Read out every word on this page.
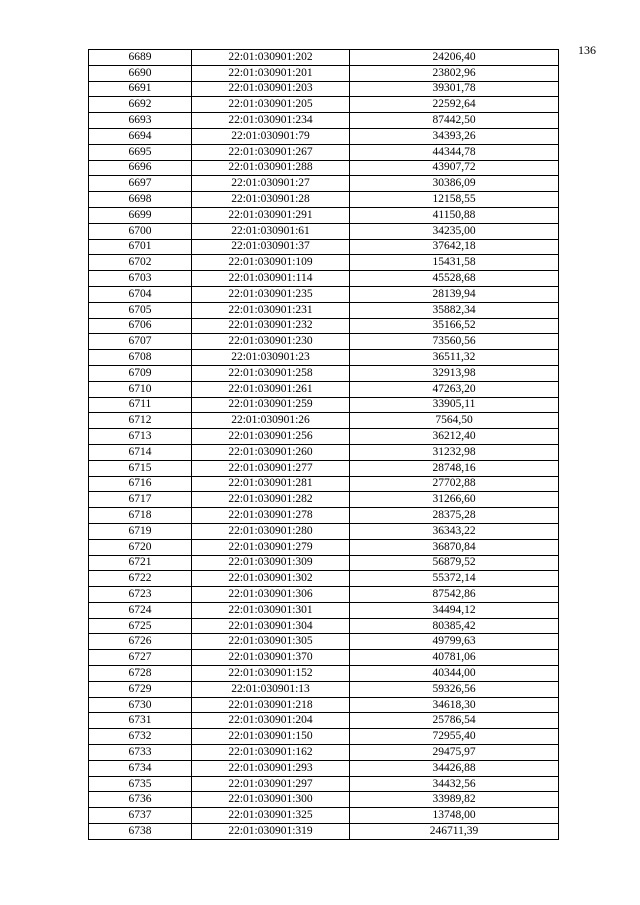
136
6689	22:01:030901:202	24206,40
6690	22:01:030901:201	23802,96
6691	22:01:030901:203	39301,78
6692	22:01:030901:205	22592,64
6693	22:01:030901:234	87442,50
6694	22:01:030901:79	34393,26
6695	22:01:030901:267	44344,78
6696	22:01:030901:288	43907,72
6697	22:01:030901:27	30386,09
6698	22:01:030901:28	12158,55
6699	22:01:030901:291	41150,88
6700	22:01:030901:61	34235,00
6701	22:01:030901:37	37642,18
6702	22:01:030901:109	15431,58
6703	22:01:030901:114	45528,68
6704	22:01:030901:235	28139,94
6705	22:01:030901:231	35882,34
6706	22:01:030901:232	35166,52
6707	22:01:030901:230	73560,56
6708	22:01:030901:23	36511,32
6709	22:01:030901:258	32913,98
6710	22:01:030901:261	47263,20
6711	22:01:030901:259	33905,11
6712	22:01:030901:26	7564,50
6713	22:01:030901:256	36212,40
6714	22:01:030901:260	31232,98
6715	22:01:030901:277	28748,16
6716	22:01:030901:281	27702,88
6717	22:01:030901:282	31266,60
6718	22:01:030901:278	28375,28
6719	22:01:030901:280	36343,22
6720	22:01:030901:279	36870,84
6721	22:01:030901:309	56879,52
6722	22:01:030901:302	55372,14
6723	22:01:030901:306	87542,86
6724	22:01:030901:301	34494,12
6725	22:01:030901:304	80385,42
6726	22:01:030901:305	49799,63
6727	22:01:030901:370	40781,06
6728	22:01:030901:152	40344,00
6729	22:01:030901:13	59326,56
6730	22:01:030901:218	34618,30
6731	22:01:030901:204	25786,54
6732	22:01:030901:150	72955,40
6733	22:01:030901:162	29475,97
6734	22:01:030901:293	34426,88
6735	22:01:030901:297	34432,56
6736	22:01:030901:300	33989,82
6737	22:01:030901:325	13748,00
6738	22:01:030901:319	246711,39
